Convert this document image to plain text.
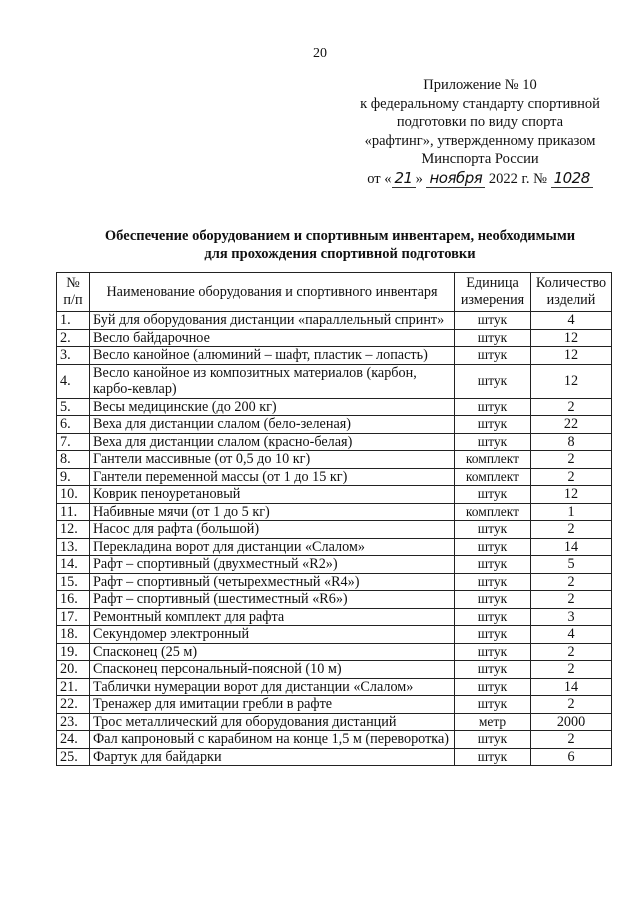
20
Приложение № 10
к федеральному стандарту спортивной
подготовки по виду спорта
«рафтинг», утвержденному приказом
Минспорта России
от « 21 » ноября 2022 г. № 1028
Обеспечение оборудованием и спортивным инвентарем, необходимыми
для прохождения спортивной подготовки
№ п/п	Наименование оборудования и спортивного инвентаря	Единица измерения	Количество изделий
1.	Буй для оборудования дистанции «параллельный спринт»	штук	4
2.	Весло байдарочное	штук	12
3.	Весло канойное (алюминий – шафт, пластик – лопасть)	штук	12
4.	Весло канойное из композитных материалов (карбон, карбо-кевлар)	штук	12
5.	Весы медицинские (до 200 кг)	штук	2
6.	Веха для дистанции слалом (бело-зеленая)	штук	22
7.	Веха для дистанции слалом (красно-белая)	штук	8
8.	Гантели массивные (от 0,5 до 10 кг)	комплект	2
9.	Гантели переменной массы (от 1 до 15 кг)	комплект	2
10.	Коврик пеноуретановый	штук	12
11.	Набивные мячи (от 1 до 5 кг)	комплект	1
12.	Насос для рафта (большой)	штук	2
13.	Перекладина ворот для дистанции «Слалом»	штук	14
14.	Рафт – спортивный (двухместный «R2»)	штук	5
15.	Рафт – спортивный (четырехместный «R4»)	штук	2
16.	Рафт – спортивный (шестиместный «R6»)	штук	2
17.	Ремонтный комплект для рафта	штук	3
18.	Секундомер электронный	штук	4
19.	Спасконец (25 м)	штук	2
20.	Спасконец персональный-поясной (10 м)	штук	2
21.	Таблички нумерации ворот для дистанции «Слалом»	штук	14
22.	Тренажер для имитации гребли в рафте	штук	2
23.	Трос металлический для оборудования дистанций	метр	2000
24.	Фал капроновый с карабином на конце 1,5 м (переворотка)	штук	2
25.	Фартук для байдарки	штук	6
